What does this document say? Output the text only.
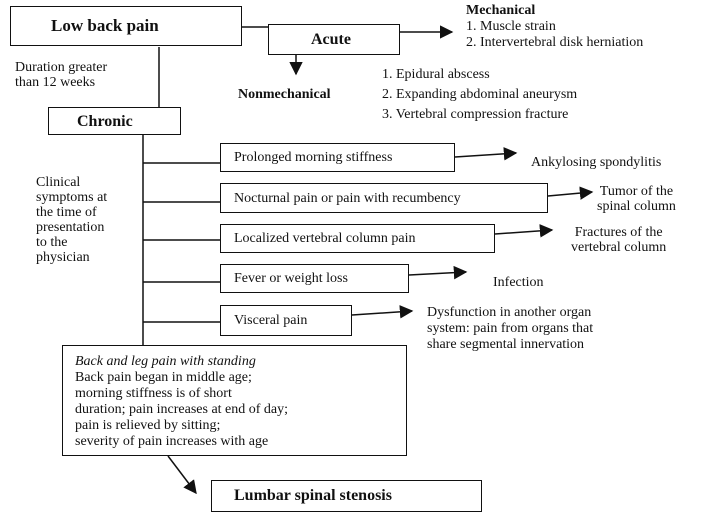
Low back pain
Acute
Mechanical
1. Muscle strain
2. Intervertebral disk herniation
Nonmechanical
1. Epidural abscess
2. Expanding abdominal aneurysm
3. Vertebral compression fracture
Duration greater
than 12 weeks
Chronic
Clinical
symptoms at
the time of
presentation
to the
physician
Prolonged morning stiffness
Nocturnal pain or pain with recumbency
Localized vertebral column pain
Fever or weight loss
Visceral pain
Ankylosing spondylitis
Tumor of the
spinal column
Fractures of the
vertebral column
Infection
Dysfunction in another organ
system: pain from organs that
share segmental innervation
Back and leg pain with standing
Back pain began in middle age;
morning stiffness is of short
duration; pain increases at end of day;
pain is relieved by sitting;
severity of pain increases with age
Lumbar spinal stenosis
